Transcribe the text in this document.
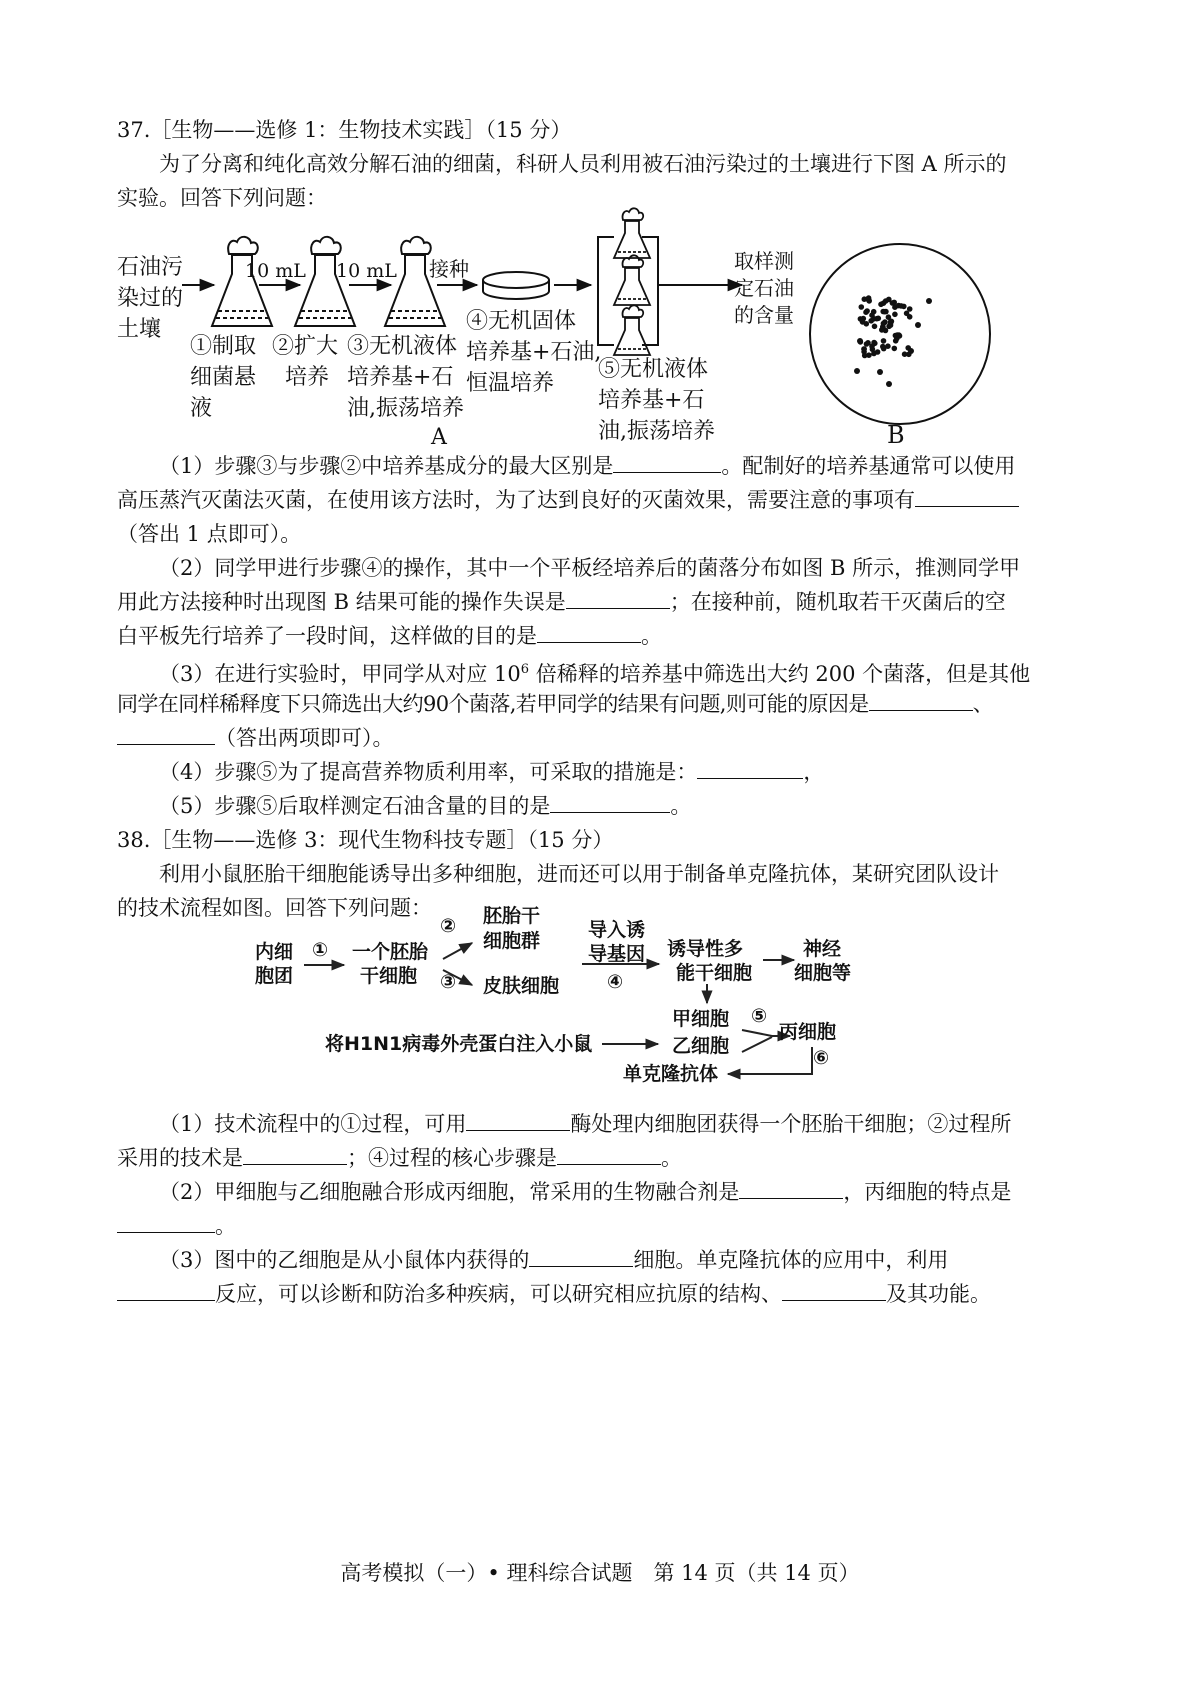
37.［生物——选修 1：生物技术实践］（15 分）
为了分离和纯化高效分解石油的细菌，科研人员利用被石油污染过的土壤进行下图 A 所示的
实验。回答下列问题：
石油污
染过的
土壤
10 mL 10 mL 接种
①制取
细菌悬
液
②扩大
培养
③无机液体
培养基+石
油,振荡培养
A
④无机固体
培养基+石油,
恒温培养
⑤无机液体
培养基+石
油,振荡培养
取样测
定石油
的含量
B
（1）步骤③与步骤②中培养基成分的最大区别是	。配制好的培养基通常可以使用
高压蒸汽灭菌法灭菌，在使用该方法时，为了达到良好的灭菌效果，需要注意的事项有
（答出 1 点即可）。
（2）同学甲进行步骤④的操作，其中一个平板经培养后的菌落分布如图 B 所示，推测同学甲
用此方法接种时出现图 B 结果可能的操作失误是	；在接种前，随机取若干灭菌后的空
白平板先行培养了一段时间，这样做的目的是	。
（3）在进行实验时，甲同学从对应 $10^6$ 倍稀释的培养基中筛选出大约 200 个菌落，但是其他
同学在同样稀释度下只筛选出大约90个菌落,若甲同学的结果有问题,则可能的原因是	、
（答出两项即可）。
（4）步骤⑤为了提高营养物质利用率，可采取的措施是：	，
（5）步骤⑤后取样测定石油含量的目的是	。
38.［生物——选修 3：现代生物科技专题］（15 分）
利用小鼠胚胎干细胞能诱导出多种细胞，进而还可以用于制备单克隆抗体，某研究团队设计
的技术流程如图。回答下列问题：
内细
胞团
① 一个胚胎
干细胞
②
③
胚胎干
细胞群
皮肤细胞
导入诱
导基因
④
诱导性多
能干细胞
神经
细胞等
甲细胞
乙细胞
⑤
丙细胞
⑥
将H1N1病毒外壳蛋白注入小鼠
单克隆抗体
（1）技术流程中的①过程，可用	酶处理内细胞团获得一个胚胎干细胞；②过程所
采用的技术是	；④过程的核心步骤是	。
（2）甲细胞与乙细胞融合形成丙细胞，常采用的生物融合剂是	，丙细胞的特点是
。
（3）图中的乙细胞是从小鼠体内获得的	细胞。单克隆抗体的应用中，利用
反应，可以诊断和防治多种疾病，可以研究相应抗原的结构、	及其功能。
高考模拟（一）• 理科综合试题　第 14 页（共 14 页）
